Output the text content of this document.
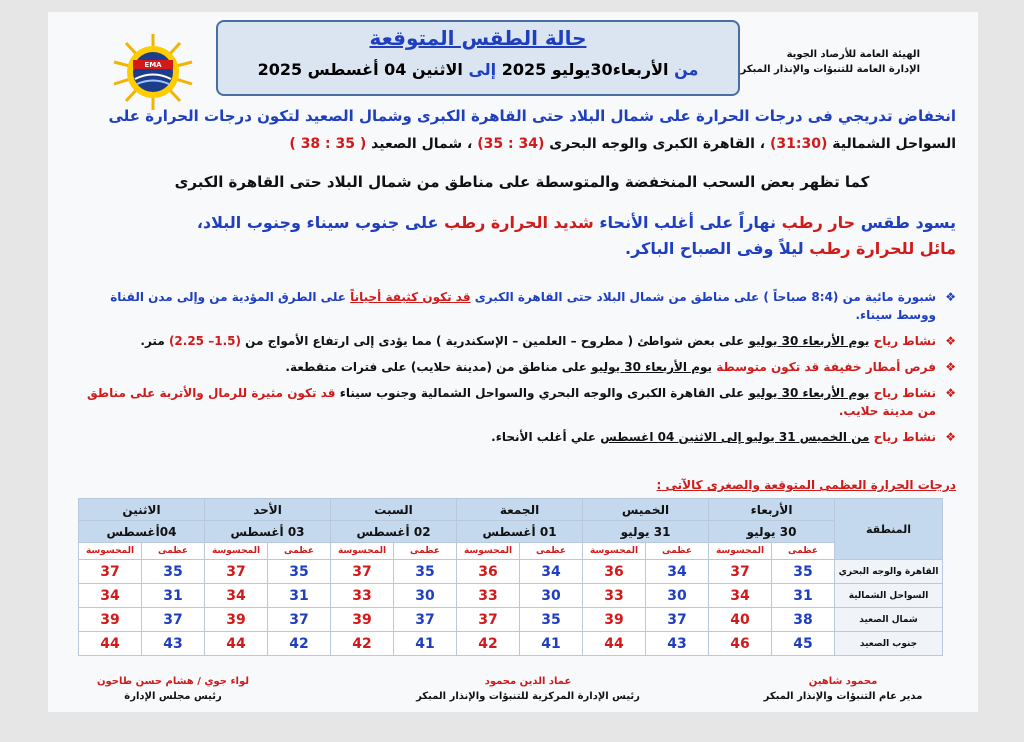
الهيئة العامة للأرصاد الجوية
الإدارة العامة للتنبؤات والإنذار المبكر
EMA
حالة الطقس المتوقعة
من الأربعاء30يوليو 2025 إلى الاثنين 04 أغسطس 2025
انخفاض تدريجي فى درجات الحرارة على شمال البلاد حتى القاهرة الكبرى وشمال الصعيد لتكون درجات الحرارة على
السواحل الشمالية (31:30) ، القاهرة الكبرى والوجه البحرى (34 : 35) ، شمال الصعيد ( 35 : 38 )
كما تظهر بعض السحب المنخفضة والمتوسطة على مناطق من شمال البلاد حتى القاهرة الكبرى
يسود طقس حار رطب نهاراً على أغلب الأنحاء شديد الحرارة رطب على جنوب سيناء وجنوب البلاد،
مائل للحرارة رطب ليلاً وفى الصباح الباكر.
❖
شبورة مائية من (8:4 صباحاً ) على مناطق من شمال البلاد حتى القاهرة الكبرى قد تكون كثيفة أحياناً على الطرق المؤدية من وإلى مدن القناة ووسط سيناء.
❖
نشاط رياح يوم الأربعاء 30 يوليو على بعض شواطئ ( مطروح – العلمين – الإسكندرية ) مما يؤدى إلى ارتفاع الأمواج من (1.5– 2.25) متر.
❖
فرص أمطار خفيفة قد تكون متوسطة يوم الأربعاء 30 يوليو على مناطق من (مدينة حلايب) على فترات متقطعة.
❖
نشاط رياح يوم الأربعاء 30 يوليو على القاهرة الكبرى والوجه البحري والسواحل الشمالية وجنوب سيناء قد تكون مثيرة للرمال والأتربة على مناطق من مدينة حلايب.
❖
نشاط رياح من الخميس 31 يوليو إلى الاثنين 04 اغسطس علي أغلب الأنحاء.
درجات الحرارة العظمى المتوقعة والصغرى كالآتى :
المنطقة	الأربعاء		الخميس		الجمعة		السبت		الأحد		الاثنين	
	30 يوليو		31 يوليو		01 أغسطس		02 أغسطس		03 أغسطس		04أغسطس	
	عظمى	المحسوسة	عظمى	المحسوسة	عظمى	المحسوسة	عظمى	المحسوسة	عظمى	المحسوسة	عظمى	المحسوسة
القاهرة والوجه البحري	35	37	34	36	34	36	35	37	35	37	35	37
السواحل الشمالية	31	34	30	33	30	33	30	33	31	34	31	34
شمال الصعيد	38	40	37	39	35	37	37	39	37	39	37	39
جنوب الصعيد	45	46	43	44	41	42	41	42	42	44	43	44
محمود شاهين
مدير عام التنبؤات والإنذار المبكر
عماد الدين محمود
رئيس الإدارة المركزية للتنبؤات والإنذار المبكر
لواء جوي / هشام حسن طاحون
رئيس مجلس الإدارة
